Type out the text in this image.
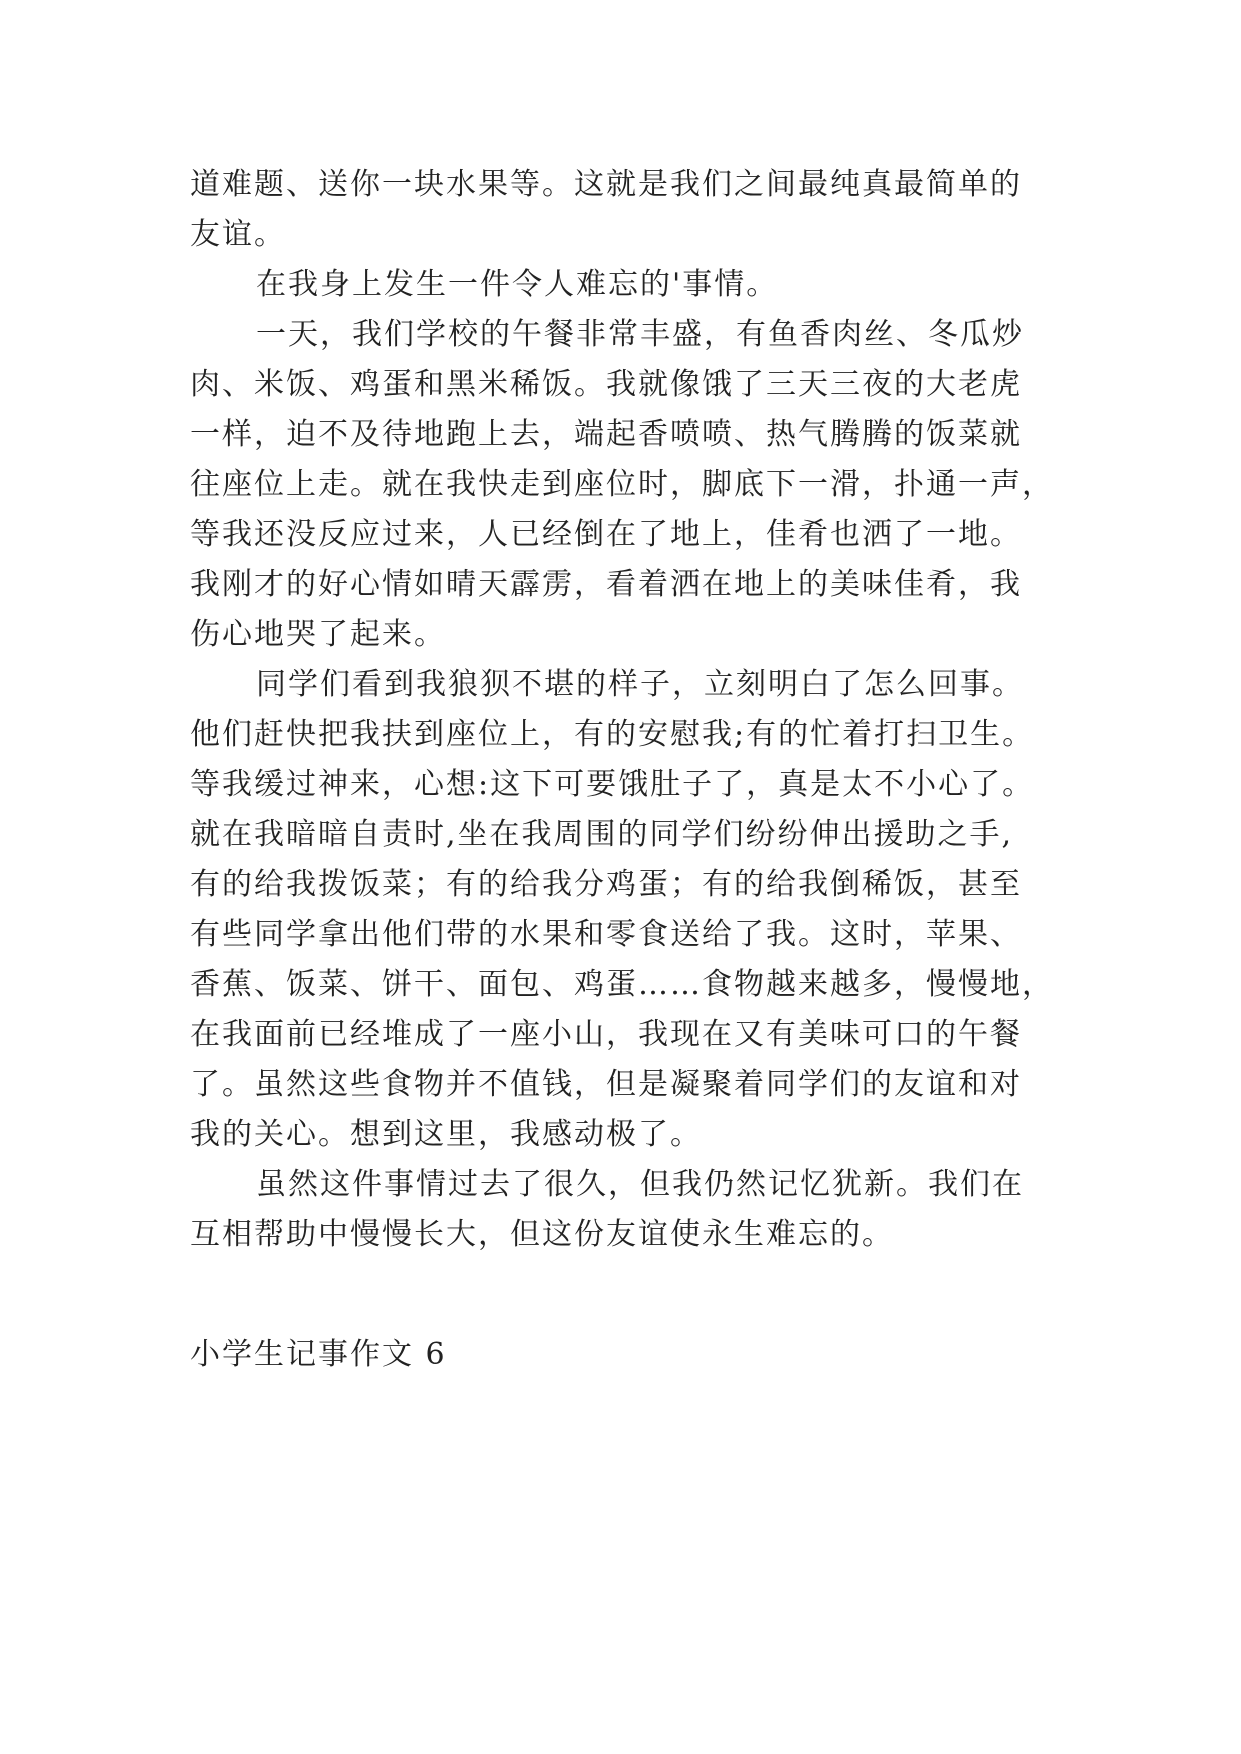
道难题、送你一块水果等。这就是我们之间最纯真最简单的

友谊。

在我身上发生一件令人难忘的'事情。

一天，我们学校的午餐非常丰盛，有鱼香肉丝、冬瓜炒

肉、米饭、鸡蛋和黑米稀饭。我就像饿了三天三夜的大老虎

一样，迫不及待地跑上去，端起香喷喷、热气腾腾的饭菜就

往座位上走。就在我快走到座位时，脚底下一滑，扑通一声，

等我还没反应过来，人已经倒在了地上，佳肴也洒了一地。

我刚才的好心情如晴天霹雳，看着洒在地上的美味佳肴，我

伤心地哭了起来。

同学们看到我狼狈不堪的样子，立刻明白了怎么回事。

他们赶快把我扶到座位上，有的安慰我;有的忙着打扫卫生。

等我缓过神来，心想:这下可要饿肚子了，真是太不小心了。

就在我暗暗自责时,坐在我周围的同学们纷纷伸出援助之手,

有的给我拨饭菜；有的给我分鸡蛋；有的给我倒稀饭，甚至

有些同学拿出他们带的水果和零食送给了我。这时，苹果、

香蕉、饭菜、饼干、面包、鸡蛋……食物越来越多，慢慢地，

在我面前已经堆成了一座小山，我现在又有美味可口的午餐

了。虽然这些食物并不值钱，但是凝聚着同学们的友谊和对

我的关心。想到这里，我感动极了。

虽然这件事情过去了很久，但我仍然记忆犹新。我们在

互相帮助中慢慢长大，但这份友谊使永生难忘的。

小学生记事作文 6
